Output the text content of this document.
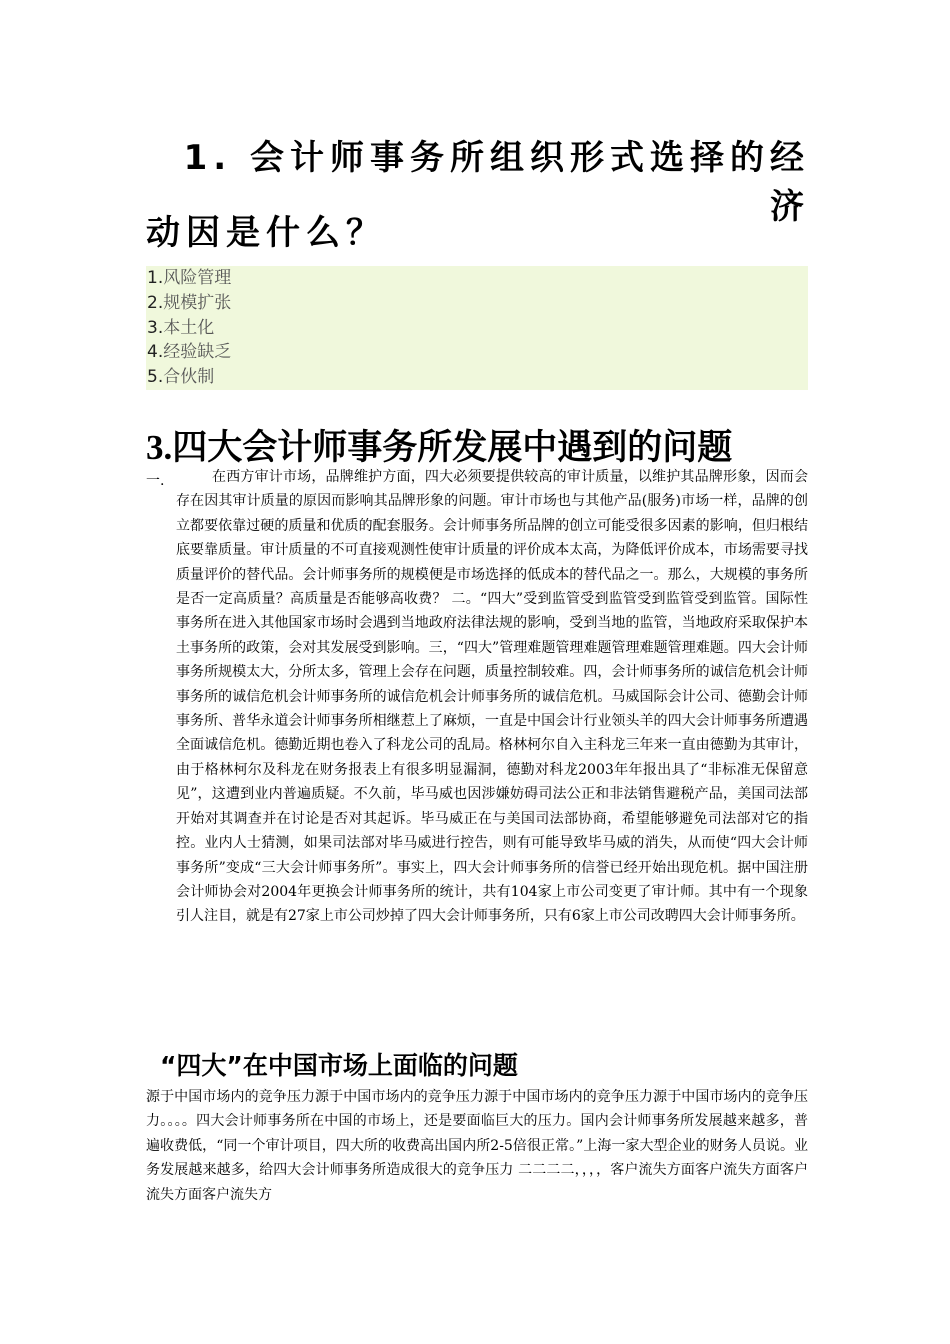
1. 会计师事务所组织形式选择的经济
动因是什么？
1.风险管理
2.规模扩张
3.本土化
4.经验缺乏
5.合伙制
3.四大会计师事务所发展中遇到的问题
一.	在西方审计市场，品牌维护方面，四大必须要提供较高的审计质量，以维护其品牌形象，因而会存在因其审计质量的原因而影响其品牌形象的问题。审计市场也与其他产品(服务)市场一样，品牌的创立都要依靠过硬的质量和优质的配套服务。会计师事务所品牌的创立可能受很多因素的影响，但归根结底要靠质量。审计质量的不可直接观测性使审计质量的评价成本太高，为降低评价成本，市场需要寻找质量评价的替代品。会计师事务所的规模便是市场选择的低成本的替代品之一。那么，大规模的事务所是否一定高质量？高质量是否能够高收费？ 二。“四大”受到监管受到监管受到监管受到监管。国际性事务所在进入其他国家市场时会遇到当地政府法律法规的影响，受到当地的监管，当地政府采取保护本土事务所的政策，会对其发展受到影响。三，“四大”管理难题管理难题管理难题管理难题。四大会计师事务所规模太大，分所太多，管理上会存在问题，质量控制较难。四，会计师事务所的诚信危机会计师事务所的诚信危机会计师事务所的诚信危机会计师事务所的诚信危机。马威国际会计公司、德勤会计师事务所、普华永道会计师事务所相继惹上了麻烦，一直是中国会计行业领头羊的四大会计师事务所遭遇全面诚信危机。德勤近期也卷入了科龙公司的乱局。格林柯尔自入主科龙三年来一直由德勤为其审计，由于格林柯尔及科龙在财务报表上有很多明显漏洞，德勤对科龙2003年年报出具了“非标准无保留意见”，这遭到业内普遍质疑。不久前，毕马威也因涉嫌妨碍司法公正和非法销售避税产品，美国司法部开始对其调查并在讨论是否对其起诉。毕马威正在与美国司法部协商，希望能够避免司法部对它的指控。业内人士猜测，如果司法部对毕马威进行控告，则有可能导致毕马威的消失，从而使“四大会计师事务所”变成“三大会计师事务所”。事实上，四大会计师事务所的信誉已经开始出现危机。据中国注册会计师协会对2004年更换会计师事务所的统计，共有104家上市公司变更了审计师。其中有一个现象引人注目，就是有27家上市公司炒掉了四大会计师事务所，只有6家上市公司改聘四大会计师事务所。

“四大”在中国市场上面临的问题

源于中国市场内的竞争压力源于中国市场内的竞争压力源于中国市场内的竞争压力源于中国市场内的竞争压力。。。。四大会计师事务所在中国的市场上，还是要面临巨大的压力。国内会计师事务所发展越来越多，普遍收费低，“同一个审计项目，四大所的收费高出国内所2-5倍很正常。”上海一家大型企业的财务人员说。业务发展越来越多，给四大会计师事务所造成很大的竞争压力 二二二二，，，，客户流失方面客户流失方面客户流失方面客户流失方
